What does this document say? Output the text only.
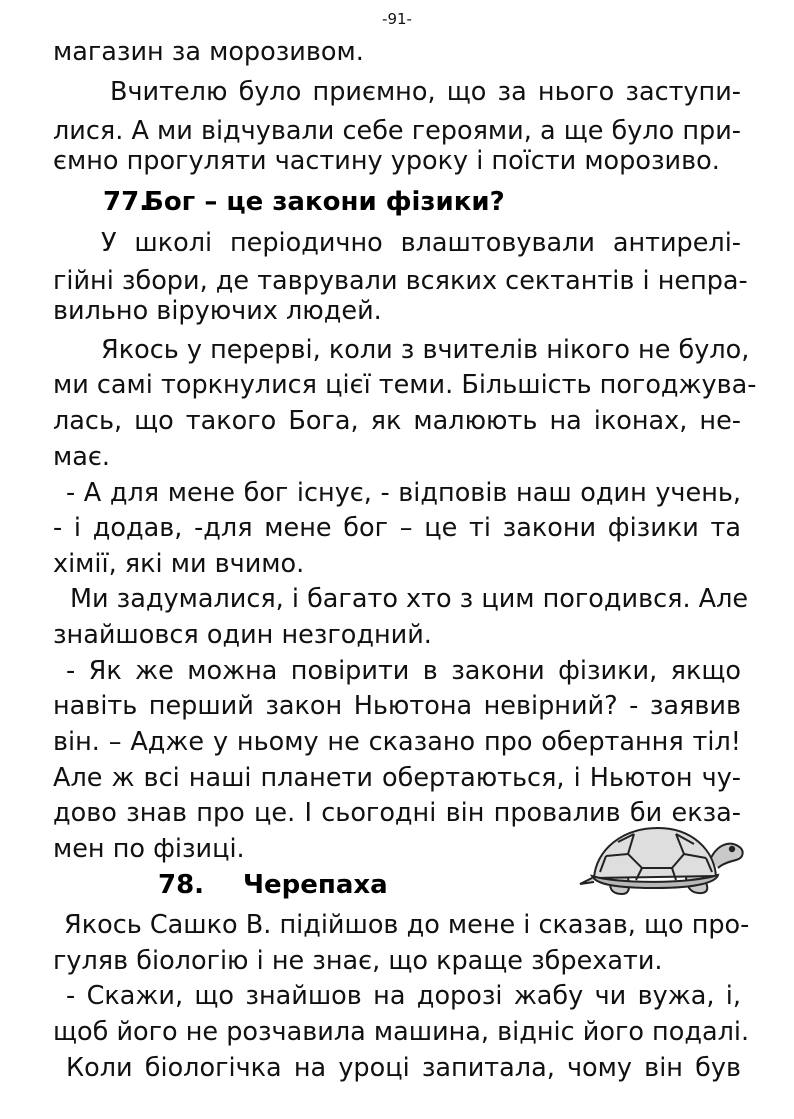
-91-
магазин за морозивом.
Вчителю було приємно, що за нього заступи-
лися. А ми відчували себе героями, а ще було при-
ємно прогуляти частину уроку і поїсти морозиво.
77.
Бог – це закони фізики?
У школі періодично влаштовували антирелі-
гійні збори, де таврували всяких сектантів і непра-
вильно віруючих людей.
Якось у перерві, коли з вчителів нікого не було,
ми самі торкнулися цієї теми. Більшість погоджува-
лась, що такого Бога, як малюють на іконах, не-
має.
- А для мене бог існує, - відповів наш один учень,
- і додав, -для мене бог – це ті закони фізики та
хімії, які ми вчимо.
Ми задумалися, і багато хто з цим погодився. Але
знайшовся один незгодний.
- Як же можна повірити в закони фізики, якщо
навіть перший закон Ньютона невірний? - заявив
він. – Адже у ньому не сказано про обертання тіл!
Але ж всі наші планети обертаються, і Ньютон чу-
дово знав про це. І сьогодні він провалив би екза-
мен по фізиці.
78. Черепаха
Якось Сашко В. підійшов до мене і сказав, що про-
гуляв біологію і не знає, що краще збрехати.
- Скажи, що знайшов на дорозі жабу чи вужа, і,
щоб його не розчавила машина, відніс його подалі.
Коли біологічка на уроці запитала, чому він був
